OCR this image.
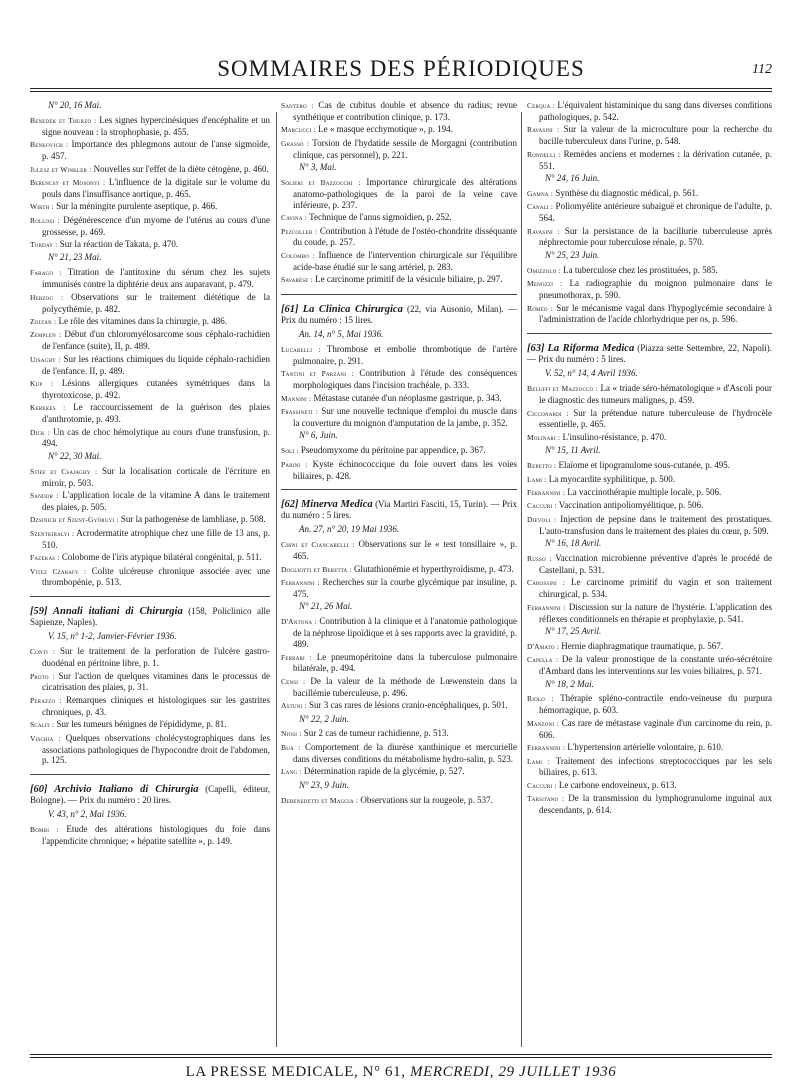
SOMMAIRES DES PÉRIODIQUES	112
N° 20, 16 Mai.
Benedek et Thurzo : Les signes hypercinésiques d'encéphalite et un signe nouveau : la strophophasie, p. 455.
Benkovich : Importance des phlegmons autour de l'anse sigmoïde, p. 457.
Julesz et Winkler : Nouvelles sur l'effet de la diète cétogène, p. 460.
Berencsy et Mosonyi : L'influence de la digitale sur le volume du pouls dans l'insuffisance aortique, p. 465.
Wirth : Sur la méningite purulente aseptique, p. 466.
Rollosi : Dégénérescence d'un myome de l'utérus au cours d'une grossesse, p. 469.
Torday : Sur la réaction de Takata, p. 470.
N° 21, 23 Mai.
Farago : Titration de l'antitoxine du sérum chez les sujets immunisés contre la diphtérie deux ans auparavant, p. 479.
Herzog : Observations sur le traitement diététique de la polycythémie, p. 482.
Zoltan : Le rôle des vitamines dans la chirurgie, p. 486.
Zemplen : Début d'un chloromyélosarcome sous céphalo-rachidien de l'enfance (suite), II, p. 489.
Ujsaghy : Sur les réactions chimiques du liquide céphalo-rachidien de l'enfance. II, p. 489.
Kup : Lésions allergiques cutanées symétriques dans la thyrotoxicose, p. 492.
Kerekes : Le raccourcissement de la guérison des plaies d'anthrotomie, p. 493.
Dick : Un cas de choc hémolytique au cours d'une transfusion, p. 494.
N° 22, 30 Mai.
Stief et Csajaghy : Sur la localisation corticale de l'écriture en miroir, p. 503.
Sandor : L'application locale de la vitamine A dans le traitement des plaies, p. 505.
Dzsinich et Szent-Györgyi : Sur la pathogenèse de lambliase, p. 508.
Szentkiralyi : Acrodermatite atrophique chez une fille de 13 ans, p. 510.
Fazekas : Colobome de l'iris atypique bilatéral congénital, p. 511.
Vitez Czabafy : Colite ulcéreuse chronique associée avec une thrombopénie, p. 513.
[59] Annali italiani di Chirurgia (158, Policlinico alle Sapienze, Naples).
V. 15, n° 1-2, Janvier-Février 1936.
Conti : Sur le traitement de la perforation de l'ulcère gastro-duodénal en péritoine libre, p. 1.
Proto : Sur l'action de quelques vitamines dans le processus de cicatrisation des plaies, p. 31.
Perazzo : Remarques cliniques et histologiques sur les gastrites chroniques, p. 43.
Scalfi : Sur les tumeurs bénignes de l'épididyme, p. 81.
Vischia : Quelques observations cholécystographiques dans les associations pathologiques de l'hypocondre droit de l'abdomen, p. 125.
[60] Archivio Italiano di Chirurgia (Capelli, éditeur, Bologne). — Prix du numéro : 20 lires.
V. 43, n° 2, Mai 1936.
Bombi : Etude des altérations histologiques du foie dans l'appendicite chronique; « hépatite satellite », p. 149.
Santero : Cas de cubitus double et absence du radius; revue synthétique et contribution clinique, p. 173.
Marcucci : Le « masque ecchymotique », p. 194.
Grasso : Torsion de l'hydatide sessile de Morgagni (contribution clinique, cas personnel), p. 221.
N° 3, Mai.
Solieri et Bazzocchi : Importance chirurgicale des altérations anatomo-pathologiques de la paroi de la veine cave inférieure, p. 237.
Cavina : Technique de l'anus sigmoïdien, p. 252.
Pezcoller : Contribution à l'étude de l'ostéo-chondrite disséquante du coude, p. 257.
Colombo : Influence de l'intervention chirurgicale sur l'équilibre acide-base étudié sur le sang artériel, p. 283.
Savarèse : Le carcinome primitif de la vésicule biliaire, p. 297.
[61] La Clinica Chirurgica (22, via Ausonio, Milan). — Prix du numéro : 15 lires.
An. 14, n° 5, Mai 1936.
Lucarelli : Thrombose et embolie thrombotique de l'artère pulmonaire, p. 291.
Tantini et Parzani : Contribution à l'étude des conséquences morphologiques dans l'incision trachéale, p. 333.
Mannini : Métastase cutanée d'un néoplasme gastrique, p. 343.
Frassineti : Sur une nouvelle technique d'emploi du muscle dans la couverture du moignon d'amputation de la jambe, p. 352.
N° 6, Juin.
Soli : Pseudomyxome du péritoine par appendice, p. 367.
Parini : Kyste échinococcique du foie ouvert dans les voies biliaires, p. 428.
[62] Minerva Medica (Via Martiri Fasciti, 15, Turin). — Prix du numéro : 5 lires.
An. 27, n° 20, 19 Mai 1936.
Chini et Ciancarelli : Observations sur le « test tonsillaire », p. 465.
Dogliotti et Beretta : Glutathionémie et hyperthyroïdisme, p. 473.
Ferrannini : Recherches sur la courbe glycémique par insuline, p. 475.
N° 21, 26 Mai.
D'Antona : Contribution à la clinique et à l'anatomie pathologique de la néphrose lipoïdique et à ses rapports avec la gravidité, p. 489.
Ferrari : Le pneumopéritoine dans la tuberculose pulmonaire bilatérale, p. 494.
Censi : De la valeur de la méthode de Lœwenstein dans la bacillémie tuberculeuse, p. 496.
Astuni : Sur 3 cas rares de lésions cranio-encéphaliques, p. 501.
N° 22, 2 Juin.
Niosi : Sur 2 cas de tumeur rachidienne, p. 513.
Bua : Comportement de la diurèse xanthinique et mercurielle dans diverses conditions du métabolisme hydro-salin, p. 523.
Lang : Détermination rapide de la glycémie, p. 527.
N° 23, 9 Juin.
Debenedetti et Maggia : Observations sur la rougeole, p. 537.
Cerqua : L'équivalent histaminique du sang dans diverses conditions pathologiques, p. 542.
Ravasini : Sur la valeur de la microculture pour la recherche du bacille tuberculeux dans l'urine, p. 548.
Rondelli : Remèdes anciens et modernes : la dérivation cutanée, p. 551.
N° 24, 16 Juin.
Gamna : Synthèse du diagnostic médical, p. 561.
Canali : Poliomyélite antérieure subaiguë et chronique de l'adulte, p. 564.
Ravasini : Sur la persistance de la bacillurie tuberculeuse après néphrectomie pour tuberculose rénale, p. 570.
N° 25, 23 Juin.
Omizzolo : La tuberculose chez les prostituées, p. 585.
Menozzi : La radiographie du moignon pulmonaire dans le pneumothorax, p. 590.
Roméo : Sur le mécanisme vagal dans l'hypoglycémie secondaire à l'administration de l'acide chlorhydrique per os, p. 596.
[63] La Riforma Medica (Piazza sette Settembre, 22, Napoli). — Prix du numéro : 5 lires.
V. 52, n° 14, 4 Avril 1936.
Beluffi et Mazzocco : La « triade séro-hématologique » d'Ascoli pour le diagnostic des tumeurs malignes, p. 459.
Cicconardi : Sur la prétendue nature tuberculeuse de l'hydrocèle essentielle, p. 465.
Molinari : L'insulino-résistance, p. 470.
N° 15, 11 Avril.
Repetto : Elaïome et lipogranulome sous-cutanée, p. 495.
Lami : La myocardite syphilitique, p. 500.
Ferrannini : La vaccinothérapie multiple locale, p. 506.
Caccuri : Vaccination antipoliomyélitique, p. 506.
Dievoli : Injection de pepsine dans le traitement des prostatiques. L'auto-transfusion dans le traitement des plaies du cœur, p. 509.
N° 16, 18 Avril.
Russo : Vaccination microbienne préventive d'après le procédé de Castellani, p. 531.
Carossini : Le carcinome primitif du vagin et son traitement chirurgical, p. 534.
Ferrannini : Discussion sur la nature de l'hystérie. L'application des réflexes conditionnels en thérapie et prophylaxie, p. 541.
N° 17, 25 Avril.
D'Amato : Hernie diaphragmatique traumatique, p. 567.
Capella : De la valeur pronostique de la constante uréo-sécrétoire d'Ambard dans les interventions sur les voies biliaires, p. 571.
N° 18, 2 Mai.
Riolo : Thérapie spléno-contractile endo-veineuse du purpura hémorragique, p. 603.
Manzoni : Cas rare de métastase vaginale d'un carcinome du rein, p. 606.
Ferrannini : L'hypertension artérielle volontaire, p. 610.
Lami : Traitement des infections streptococciques par les sels biliaires, p. 613.
Caccuri : Le carbone endoveineux, p. 613.
Tarsitano : De la transmission du lymphogranulome inguinal aux descendants, p. 614.
LA PRESSE MEDICALE, N° 61, MERCREDI, 29 JUILLET 1936
